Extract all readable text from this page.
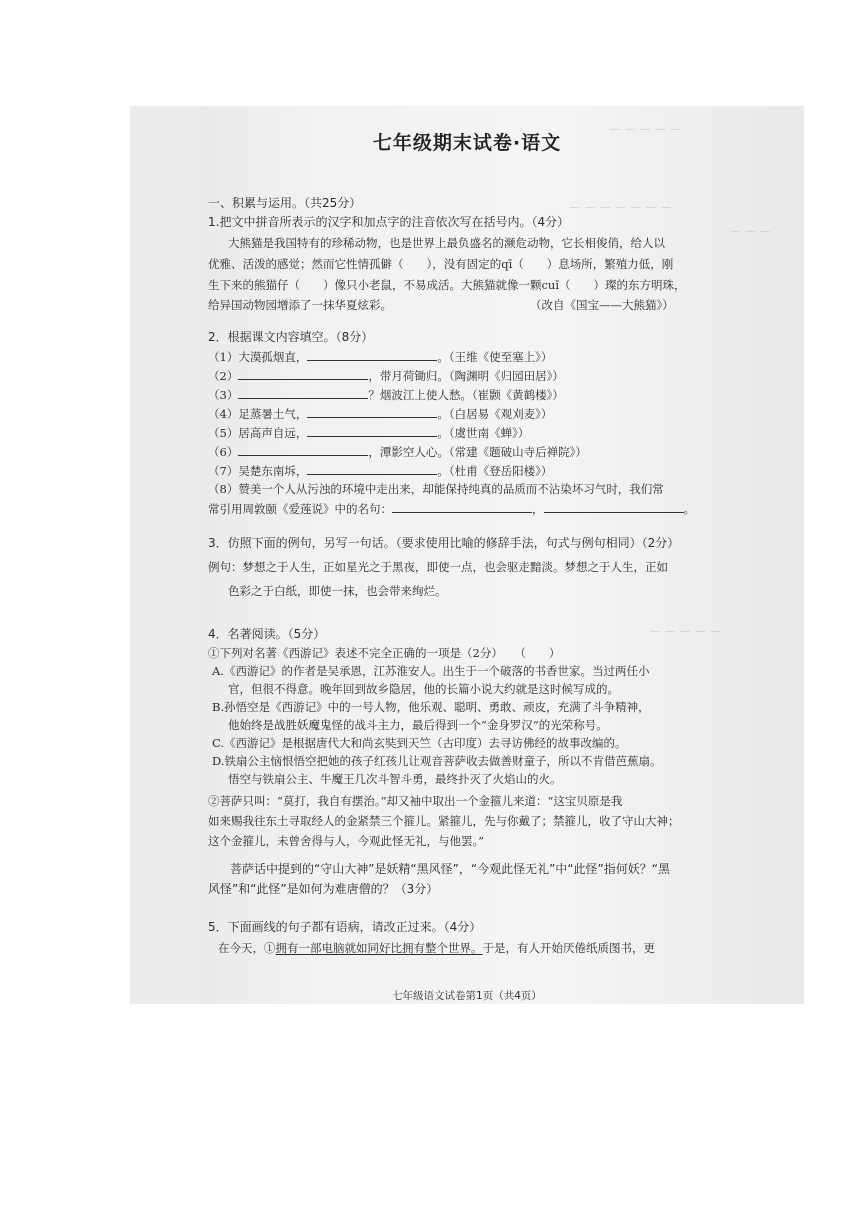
— — — — —
— — — — — — —
— — —
— — — — —
七年级期末试卷·语文
一、积累与运用。（共25分）
1.把文中拼音所表示的汉字和加点字的注音依次写在括号内。（4分）
大熊猫是我国特有的珍稀动物，也是世界上最负盛名的濒危动物，它长相俊俏，给人以
优雅、活泼的感觉；然而它性情孤僻（　　），没有固定的qī（　　）息场所，繁殖力低，刚
生下来的熊猫仔（　　）像只小老鼠，不易成活。大熊猫就像一颗cuǐ（　　）璨的东方明珠，
给异国动物园增添了一抹华夏炫彩。	（改自《国宝——大熊猫》）
2．根据课文内容填空。（8分）
（1）大漠孤烟直，	。（王维《使至塞上》）
（2）	，带月荷锄归。（陶渊明《归园田居》）
（3）	？烟波江上使人愁。（崔颢《黄鹤楼》）
（4）足蒸暑土气，	。（白居易《观刈麦》）
（5）居高声自远，	。（虞世南《蝉》）
（6）	，潭影空人心。（常建《题破山寺后禅院》）
（7）吴楚东南坼，	。（杜甫《登岳阳楼》）
（8）赞美一个人从污浊的环境中走出来，却能保持纯真的品质而不沾染坏习气时，我们常
常引用周敦颐《爱莲说》中的名句：	，	。
3．仿照下面的例句，另写一句话。（要求使用比喻的修辞手法，句式与例句相同）（2分）
例句：梦想之于人生，正如星光之于黑夜，即使一点，也会驱走黯淡。梦想之于人生，正如
色彩之于白纸，即使一抹，也会带来绚烂。
4．名著阅读。（5分）
①下列对名著《西游记》表述不完全正确的一项是（2分）　　（　　）
A.《西游记》的作者是吴承恩，江苏淮安人。出生于一个破落的书香世家。当过两任小
官，但很不得意。晚年回到故乡隐居，他的长篇小说大约就是这时候写成的。
B.孙悟空是《西游记》中的一号人物，他乐观、聪明、勇敢、顽皮，充满了斗争精神，
他始终是战胜妖魔鬼怪的战斗主力，最后得到一个“金身罗汉”的光荣称号。
C.《西游记》是根据唐代大和尚玄奘到天竺（古印度）去寻访佛经的故事改编的。
D.铁扇公主恼恨悟空把她的孩子红孩儿让观音菩萨收去做善财童子，所以不肯借芭蕉扇。
悟空与铁扇公主、牛魔王几次斗智斗勇，最终扑灭了火焰山的火。
②菩萨只叫：“莫打，我自有摆治。”却又袖中取出一个金箍儿来道：“这宝贝原是我
如来赐我往东土寻取经人的金紧禁三个箍儿。紧箍儿，先与你戴了；禁箍儿，收了守山大神；
这个金箍儿，未曾舍得与人，今观此怪无礼，与他罢。”
菩萨话中提到的“守山大神”是妖精“黑风怪”，“今观此怪无礼”中“此怪”指何妖？“黑
风怪”和“此怪”是如何为难唐僧的？（3分）
5．下面画线的句子都有语病，请改正过来。（4分）
在今天，①拥有一部电脑就如同好比拥有整个世界。于是，有人开始厌倦纸质图书，更
七年级语文试卷第1页（共4页）
